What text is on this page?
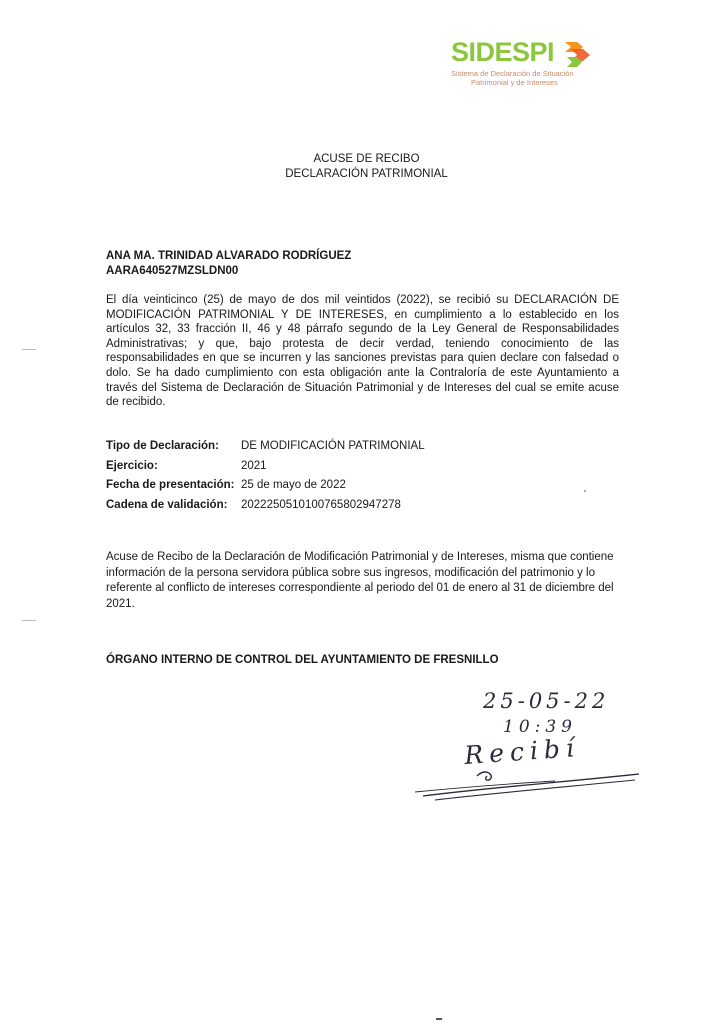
SIDESPI
Sistema de Declaración de Situación
Patrimonial y de Intereses
ACUSE DE RECIBO
DECLARACIÓN PATRIMONIAL
ANA MA. TRINIDAD ALVARADO RODRÍGUEZ
AARA640527MZSLDN00
El día veinticinco (25) de mayo de dos mil veintidos (2022), se recibió su DECLARACIÓN DE MODIFICACIÓN PATRIMONIAL Y DE INTERESES, en cumplimiento a lo establecido en los artículos 32, 33 fracción II, 46 y 48 párrafo segundo de la Ley General de Responsabilidades Administrativas; y que, bajo protesta de decir verdad, teniendo conocimiento de las responsabilidades en que se incurren y las sanciones previstas para quien declare con falsedad o dolo. Se ha dado cumplimiento con esta obligación ante la Contraloría de este Ayuntamiento a través del Sistema de Declaración de Situación Patrimonial y de Intereses del cual se emite acuse de recibido.
Tipo de Declaración:	DE MODIFICACIÓN PATRIMONIAL
Ejercicio:	2021
Fecha de presentación: 25 de mayo de 2022
Cadena de validación:	2022250510100765802947278
Acuse de Recibo de la Declaración de Modificación Patrimonial y de Intereses, misma que contiene información de la persona servidora pública sobre sus ingresos, modificación del patrimonio y lo referente al conflicto de intereses correspondiente al periodo del 01 de enero al 31 de diciembre del 2021.
ÓRGANO INTERNO DE CONTROL DEL AYUNTAMIENTO DE FRESNILLO
25-05-22
10:39
Recibí
